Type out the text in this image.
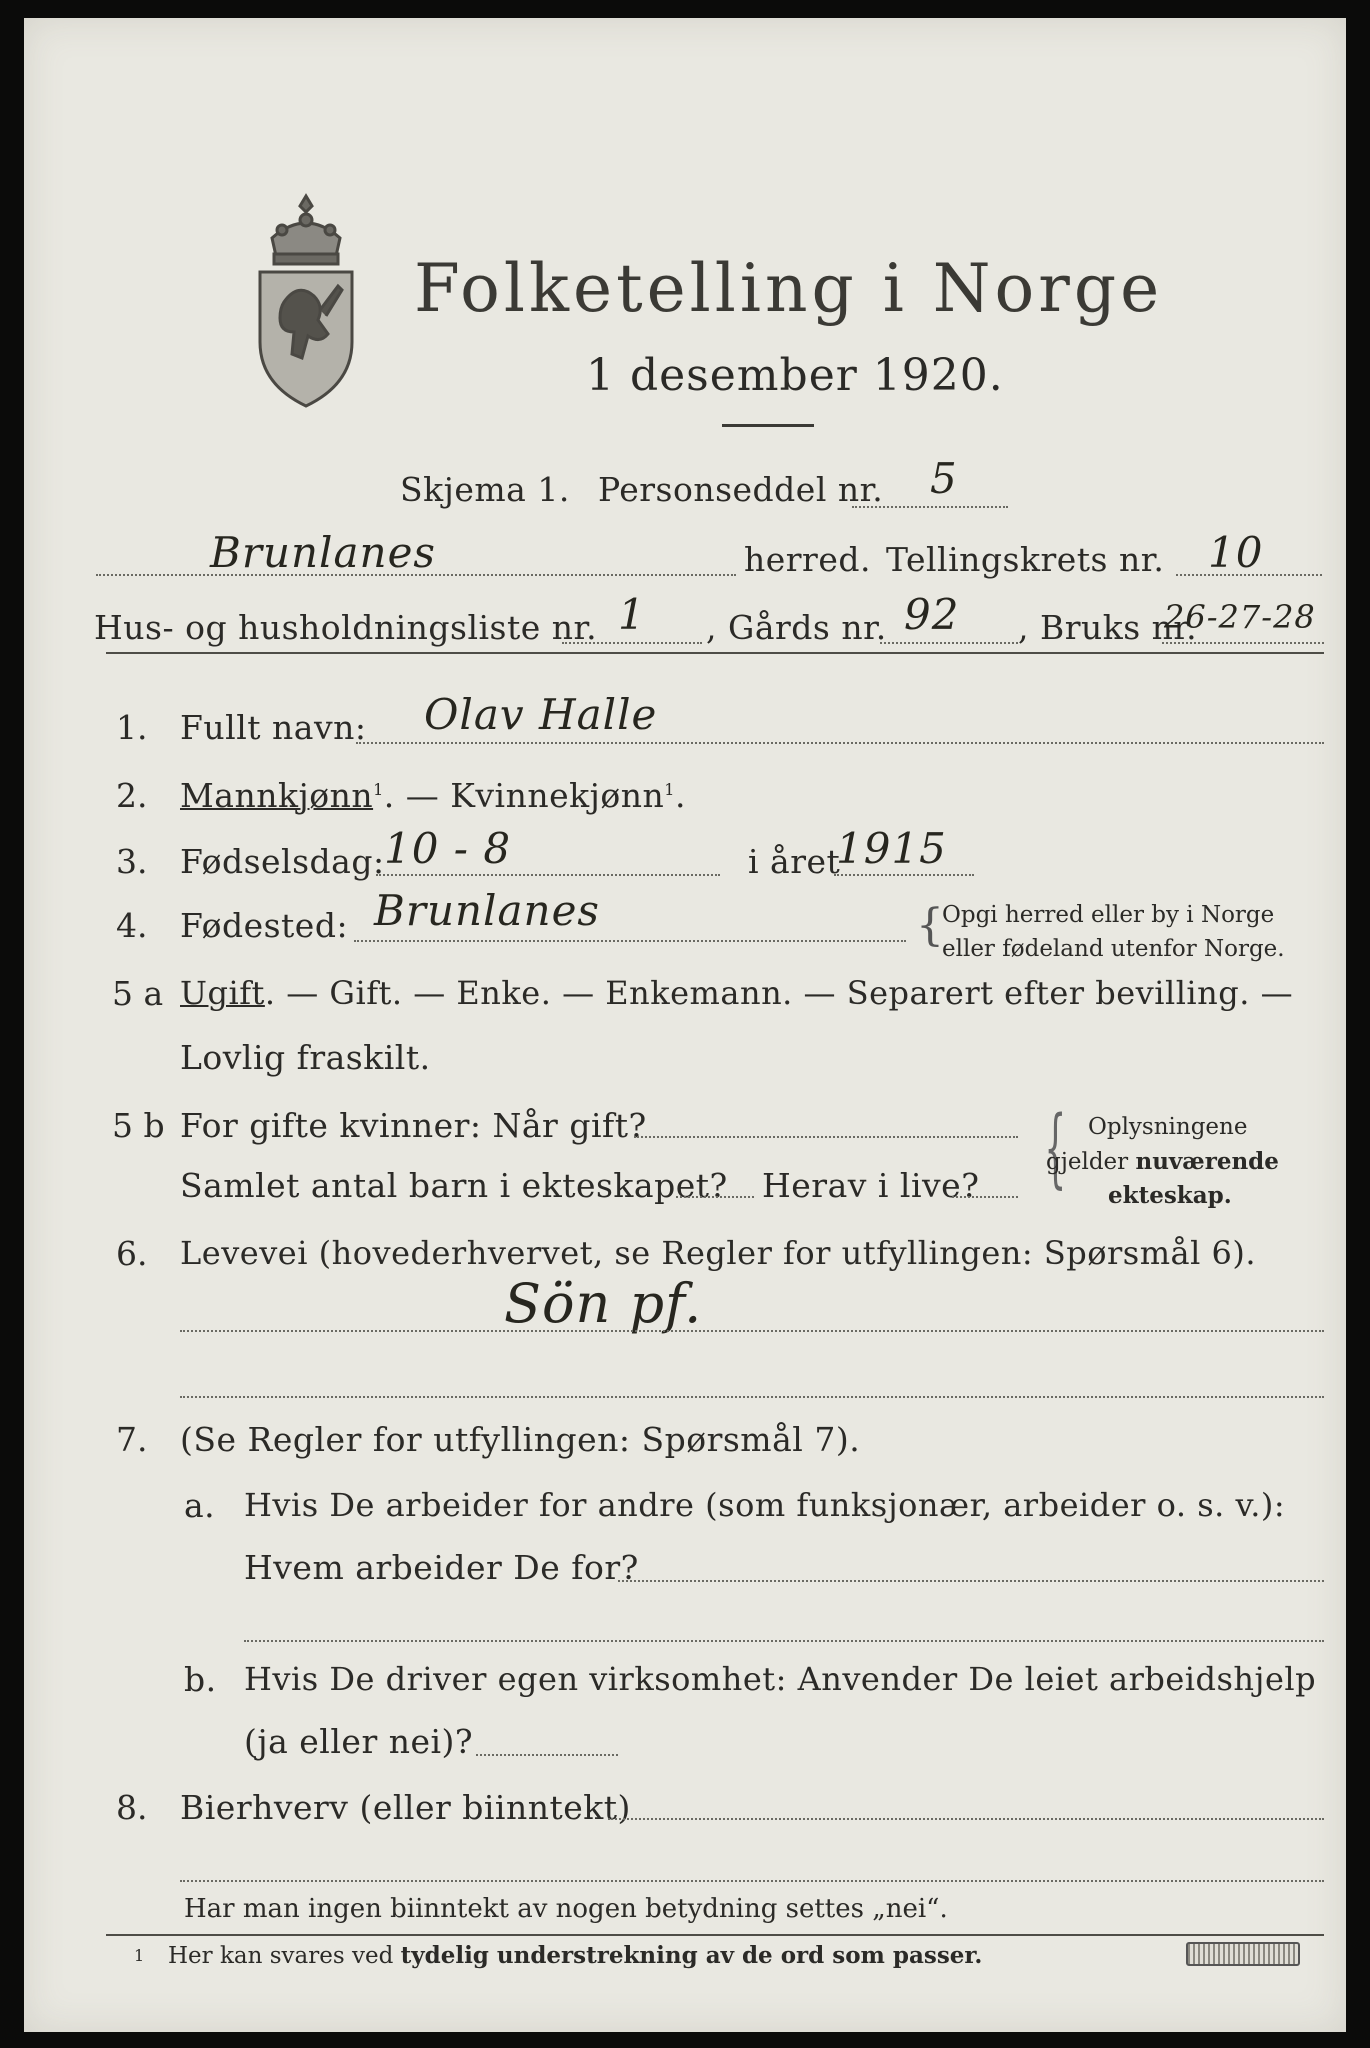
Folketelling i Norge
1 desember 1920.
Skjema 1. Personseddel nr. 5
Brunlanes	herred. Tellingskrets nr. 10
Hus- og husholdningsliste nr. 1 , Gårds nr. 92 , Bruks nr.
26-27-28
1. Fullt navn: Olav Halle
2. Mannkjønn$^1$. — Kvinnekjønn$^1$.
3. Fødselsdag: 10 - 8	i året
1915
4. Fødested: Brunlanes	{
Opgi herred eller by i Norge
eller fødeland utenfor Norge.
5 a Ugift. — Gift. — Enke. — Enkemann. — Separert efter bevilling. —
Lovlig fraskilt.
5 b For gifte kvinner: Når gift?
Samlet antal barn i ekteskapet? Herav i live? { Oplysningene
gjelder nuværende
ekteskap.
6. Levevei (hovederhvervet, se Regler for utfyllingen: Spørsmål 6).
Sön pf.
7. (Se Regler for utfyllingen: Spørsmål 7).
a. Hvis De arbeider for andre (som funksjonær, arbeider o. s. v.):
Hvem arbeider De for?
b. Hvis De driver egen virksomhet: Anvender De leiet arbeidshjelp
(ja eller nei)?
8. Bierhverv (eller biinntekt)
Har man ingen biinntekt av nogen betydning settes „nei“.
1 Her kan svares ved tydelig understrekning av de ord som passer.
